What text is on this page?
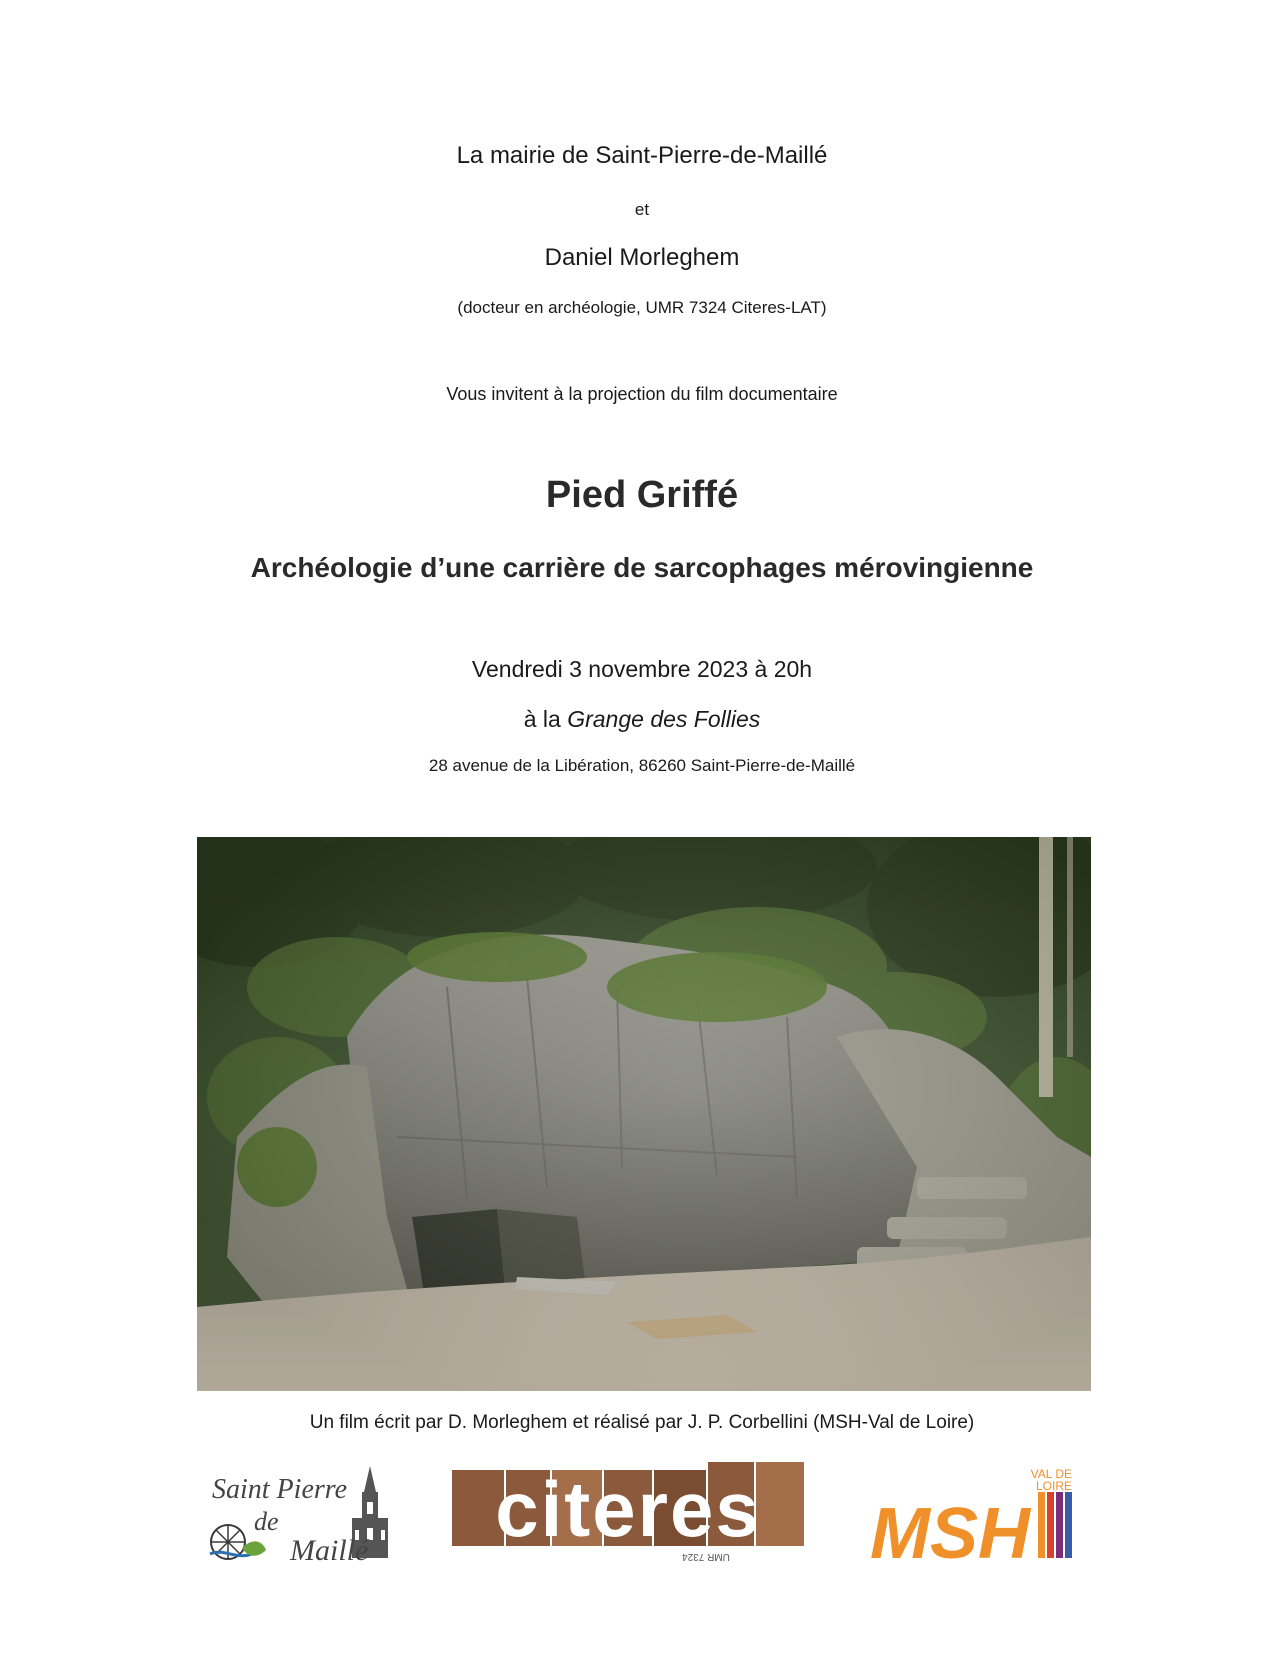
La mairie de Saint-Pierre-de-Maillé
et
Daniel Morleghem
(docteur en archéologie, UMR 7324 Citeres-LAT)
Vous invitent à la projection du film documentaire
Pied Griffé
Archéologie d’une carrière de sarcophages mérovingienne
Vendredi 3 novembre 2023 à 20h
à la Grange des Follies
28 avenue de la Libération, 86260 Saint-Pierre-de-Maillé
Un film écrit par D. Morleghem et réalisé par J. P. Corbellini (MSH-Val de Loire)
Saint Pierre
de
Maillé citeres
UMR 7324 MSH
VAL DE
LOIRE
